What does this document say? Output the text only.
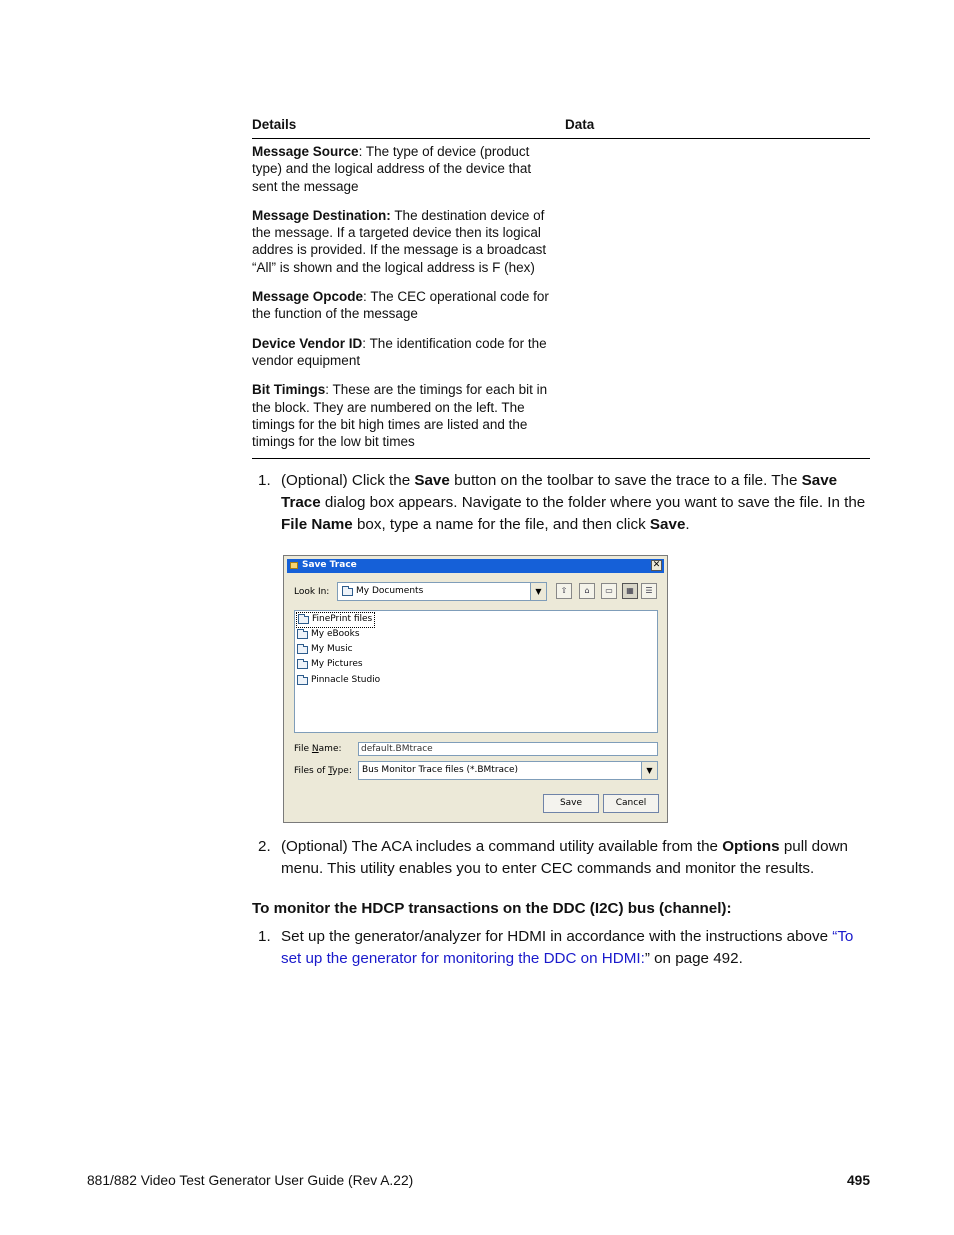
Details	Data

Message Source: The type of device (product type) and the logical address of the device that sent the message

Message Destination: The destination device of the message. If a targeted device then its logical addres is provided. If the message is a broadcast “All” is shown and the logical address is F (hex)

Message Opcode: The CEC operational code for the function of the message

Device Vendor ID: The identification code for the vendor equipment

Bit Timings: These are the timings for each bit in the block. They are numbered on the left. The timings for the bit high times are listed and the timings for the low bit times

1. (Optional) Click the Save button on the toolbar to save the trace to a file. The Save Trace dialog box appears. Navigate to the folder where you want to save the file. In the File Name box, type a name for the file, and then click Save.
Save Trace	✕
Look In:	My Documents	▼	⇧	⌂	▭	▦	☰
FinePrint files
My eBooks
My Music
My Pictures
Pinnacle Studio
File Name: default.BMtrace
Files of Type: Bus Monitor Trace files (*.BMtrace)	▼
Save	Cancel
2. (Optional) The ACA includes a command utility available from the Options pull down menu. This utility enables you to enter CEC commands and monitor the results.
To monitor the HDCP transactions on the DDC (I2C) bus (channel):
1. Set up the generator/analyzer for HDMI in accordance with the instructions above “To set up the generator for monitoring the DDC on HDMI:” on page 492.
881/882 Video Test Generator User Guide (Rev A.22)	495
